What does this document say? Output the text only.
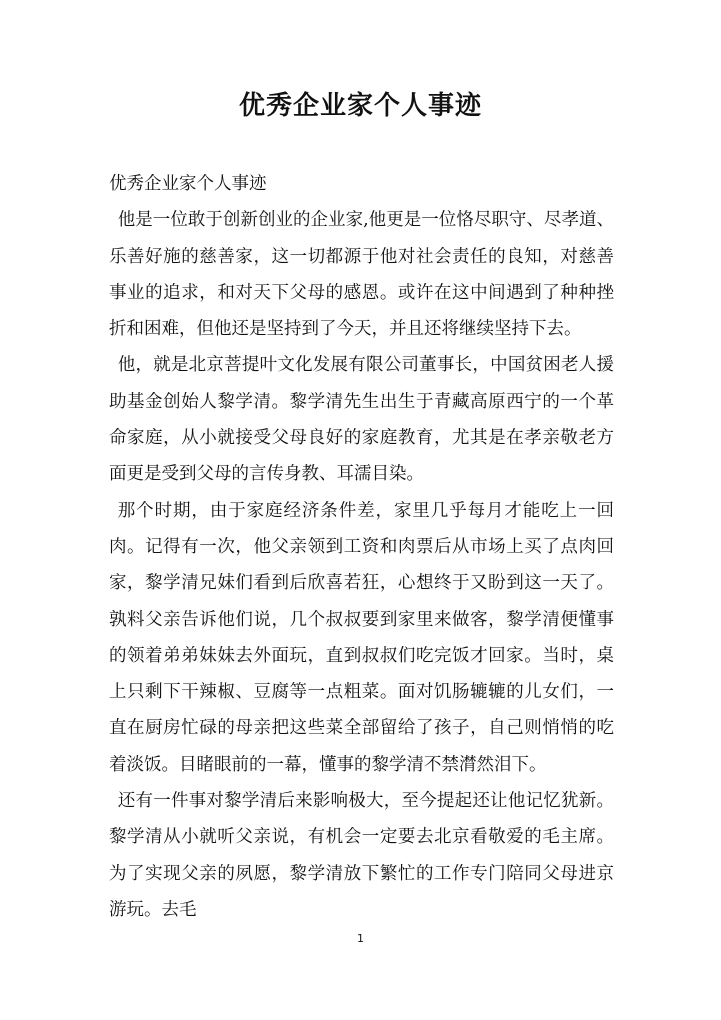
优秀企业家个人事迹

优秀企业家个人事迹

他是一位敢于创新创业的企业家,他更是一位恪尽职守、尽孝道、乐善好施的慈善家，这一切都源于他对社会责任的良知，对慈善事业的追求，和对天下父母的感恩。或许在这中间遇到了种种挫折和困难，但他还是坚持到了今天，并且还将继续坚持下去。

他，就是北京菩提叶文化发展有限公司董事长，中国贫困老人援助基金创始人黎学清。黎学清先生出生于青藏高原西宁的一个革命家庭，从小就接受父母良好的家庭教育，尤其是在孝亲敬老方面更是受到父母的言传身教、耳濡目染。

那个时期，由于家庭经济条件差，家里几乎每月才能吃上一回肉。记得有一次，他父亲领到工资和肉票后从市场上买了点肉回家，黎学清兄妹们看到后欣喜若狂，心想终于又盼到这一天了。孰料父亲告诉他们说，几个叔叔要到家里来做客，黎学清便懂事的领着弟弟妹妹去外面玩，直到叔叔们吃完饭才回家。当时，桌上只剩下干辣椒、豆腐等一点粗菜。面对饥肠辘辘的儿女们，一直在厨房忙碌的母亲把这些菜全部留给了孩子，自己则悄悄的吃着淡饭。目睹眼前的一幕，懂事的黎学清不禁潸然泪下。

还有一件事对黎学清后来影响极大，至今提起还让他记忆犹新。黎学清从小就听父亲说，有机会一定要去北京看敬爱的毛主席。为了实现父亲的夙愿，黎学清放下繁忙的工作专门陪同父母进京游玩。去毛

1
